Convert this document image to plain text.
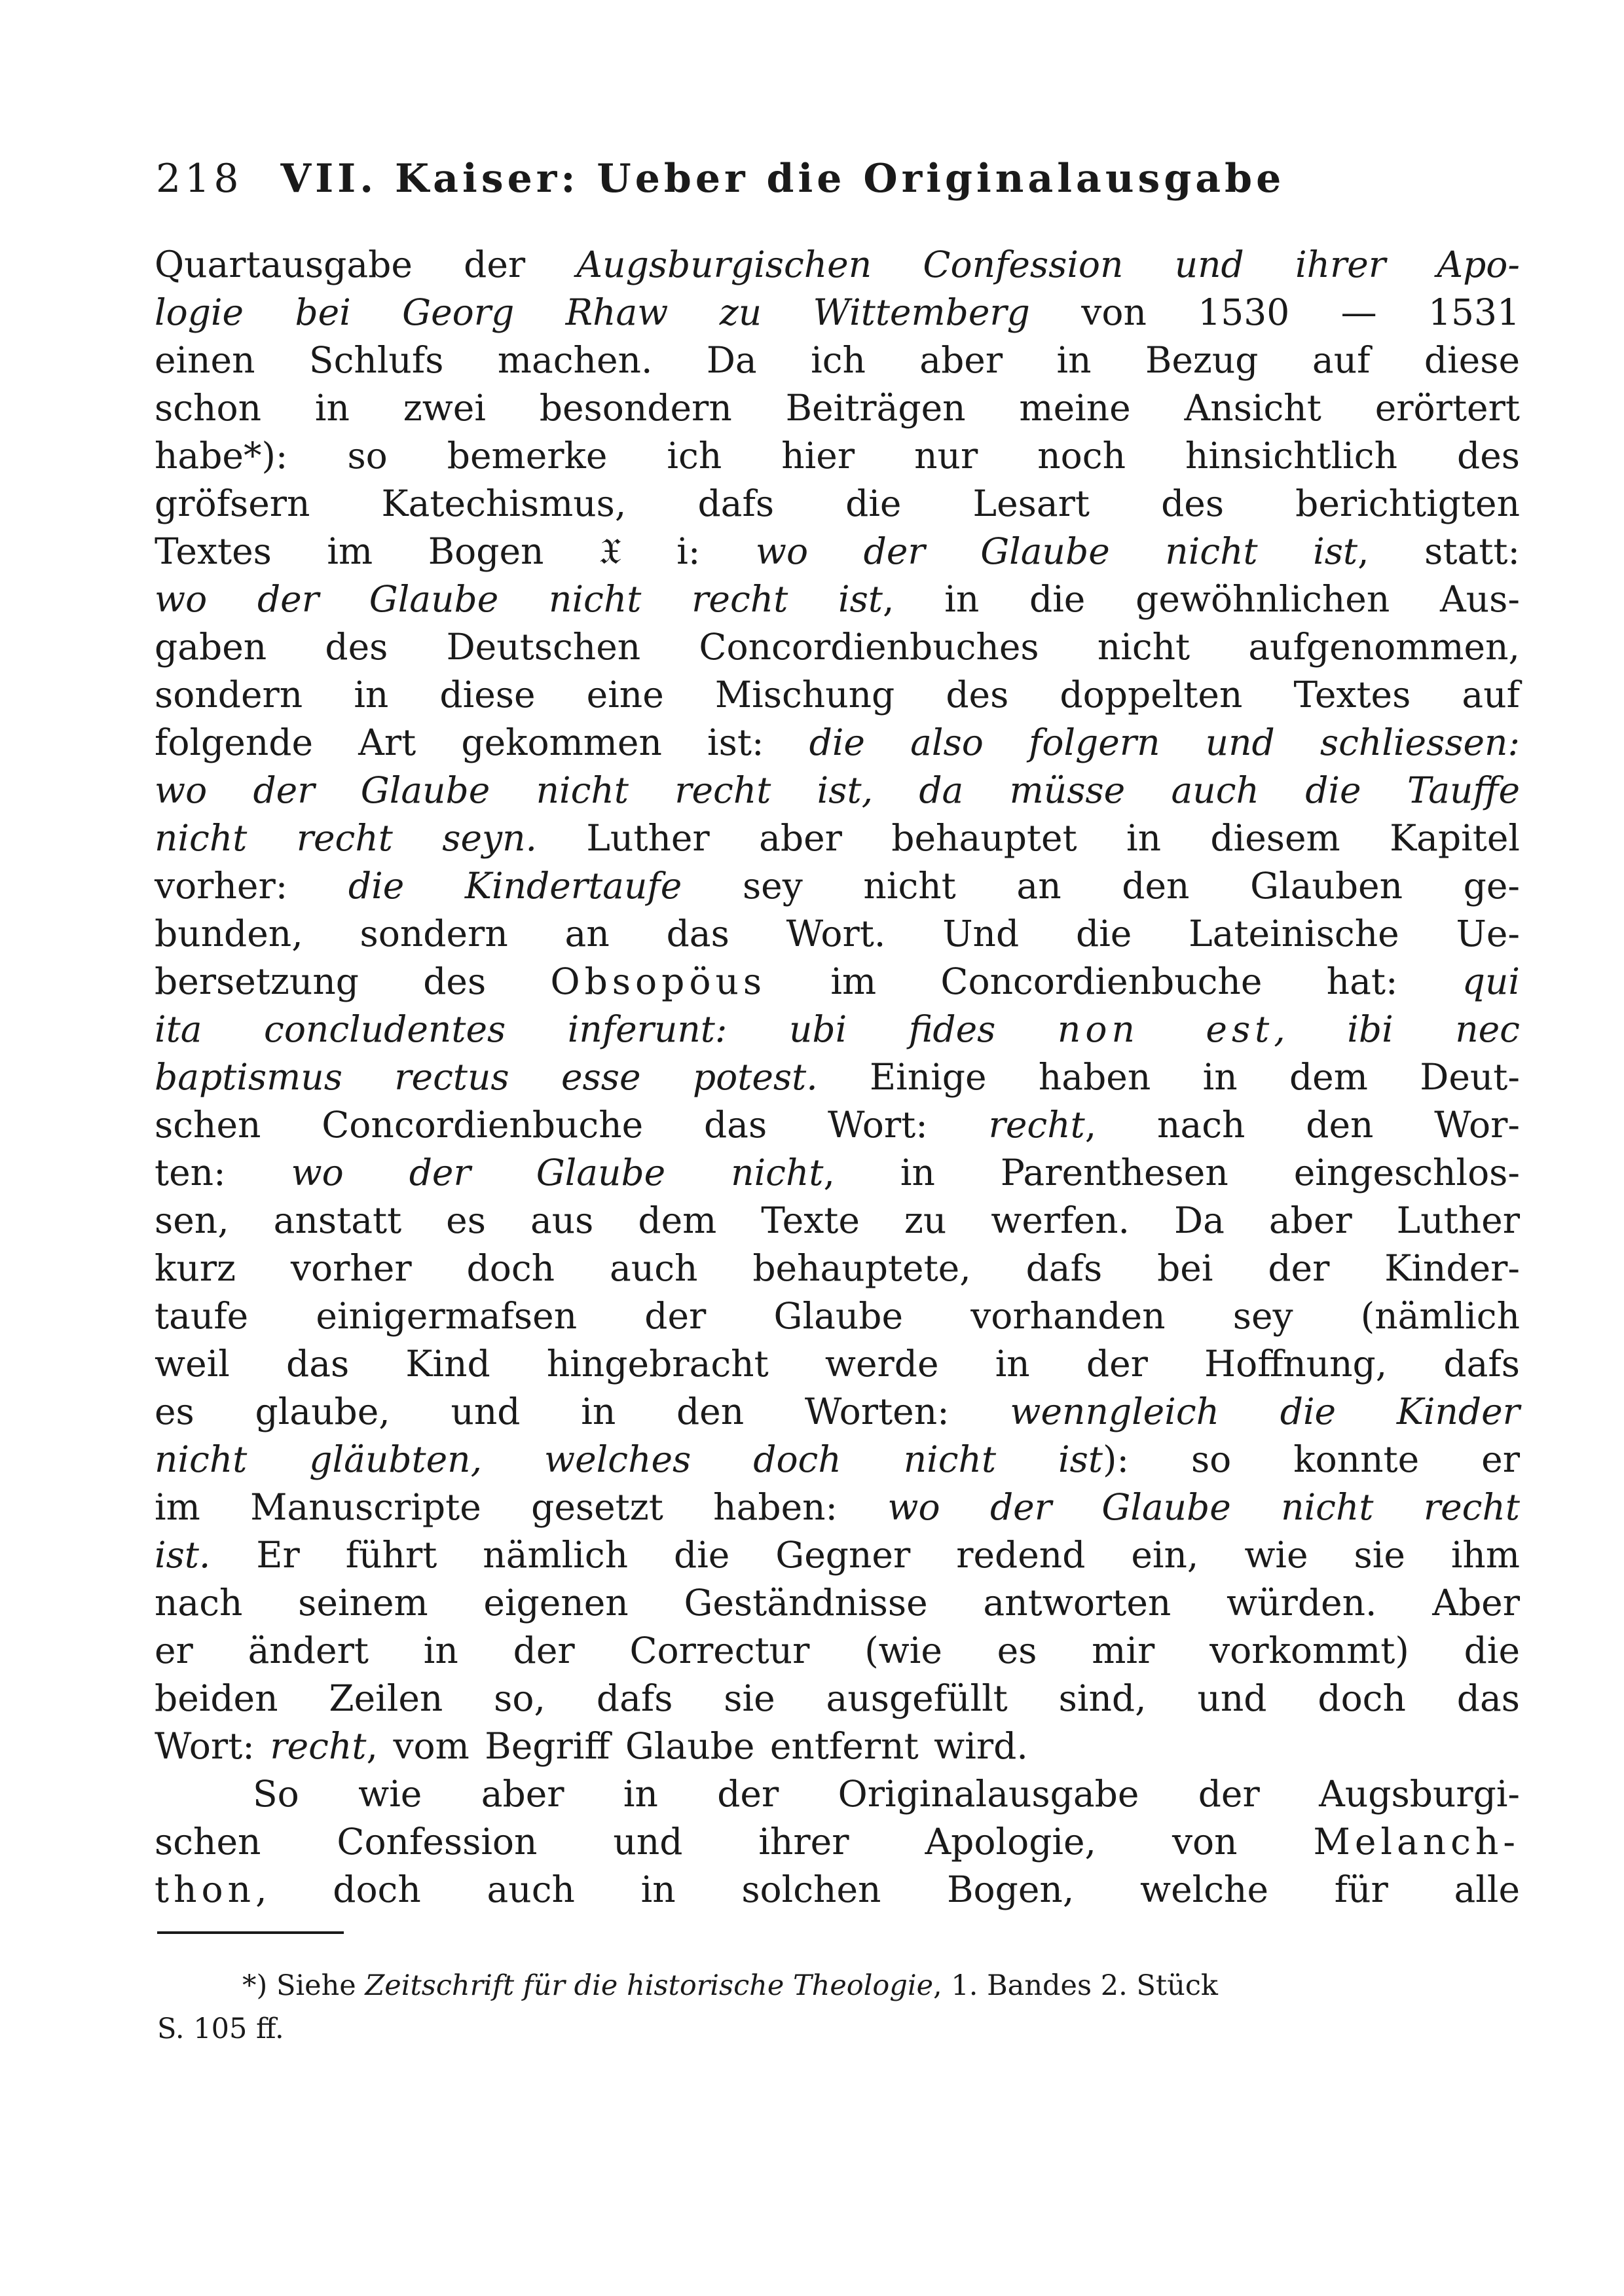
218 VII. Kaiser: Ueber die Originalausgabe
Quartausgabe der Augsburgischen Confession und ihrer Apo-
logie bei Georg Rhaw zu Wittemberg von 1530 — 1531
einen Schlufs machen. Da ich aber in Bezug auf diese
schon in zwei besondern Beiträgen meine Ansicht erörtert
habe*): so bemerke ich hier nur noch hinsichtlich des
gröfsern Katechismus, dafs die Lesart des berichtigten
Textes im Bogen 𝔛 i: wo der Glaube nicht ist, statt:
wo der Glaube nicht recht ist, in die gewöhnlichen Aus-
gaben des Deutschen Concordienbuches nicht aufgenommen,
sondern in diese eine Mischung des doppelten Textes auf
folgende Art gekommen ist: die also folgern und schliessen:
wo der Glaube nicht recht ist, da müsse auch die Tauffe
nicht recht seyn. Luther aber behauptet in diesem Kapitel
vorher: die Kindertaufe sey nicht an den Glauben ge-
bunden, sondern an das Wort. Und die Lateinische Ue-
bersetzung des Obsopöus im Concordienbuche hat: qui
ita concludentes inferunt: ubi fides non est, ibi nec
baptismus rectus esse potest. Einige haben in dem Deut-
schen Concordienbuche das Wort: recht, nach den Wor-
ten: wo der Glaube nicht, in Parenthesen eingeschlos-
sen, anstatt es aus dem Texte zu werfen. Da aber Luther
kurz vorher doch auch behauptete, dafs bei der Kinder-
taufe einigermafsen der Glaube vorhanden sey (nämlich
weil das Kind hingebracht werde in der Hoffnung, dafs
es glaube, und in den Worten: wenngleich die Kinder
nicht gläubten, welches doch nicht ist): so konnte er
im Manuscripte gesetzt haben: wo der Glaube nicht recht
ist. Er führt nämlich die Gegner redend ein, wie sie ihm
nach seinem eigenen Geständnisse antworten würden. Aber
er ändert in der Correctur (wie es mir vorkommt) die
beiden Zeilen so, dafs sie ausgefüllt sind, und doch das
Wort: recht, vom Begriff Glaube entfernt wird.
So wie aber in der Originalausgabe der Augsburgi-
schen Confession und ihrer Apologie, von Melanch-
thon, doch auch in solchen Bogen, welche für alle
*) Siehe Zeitschrift für die historische Theologie, 1. Bandes 2. Stück
S. 105 ff.
